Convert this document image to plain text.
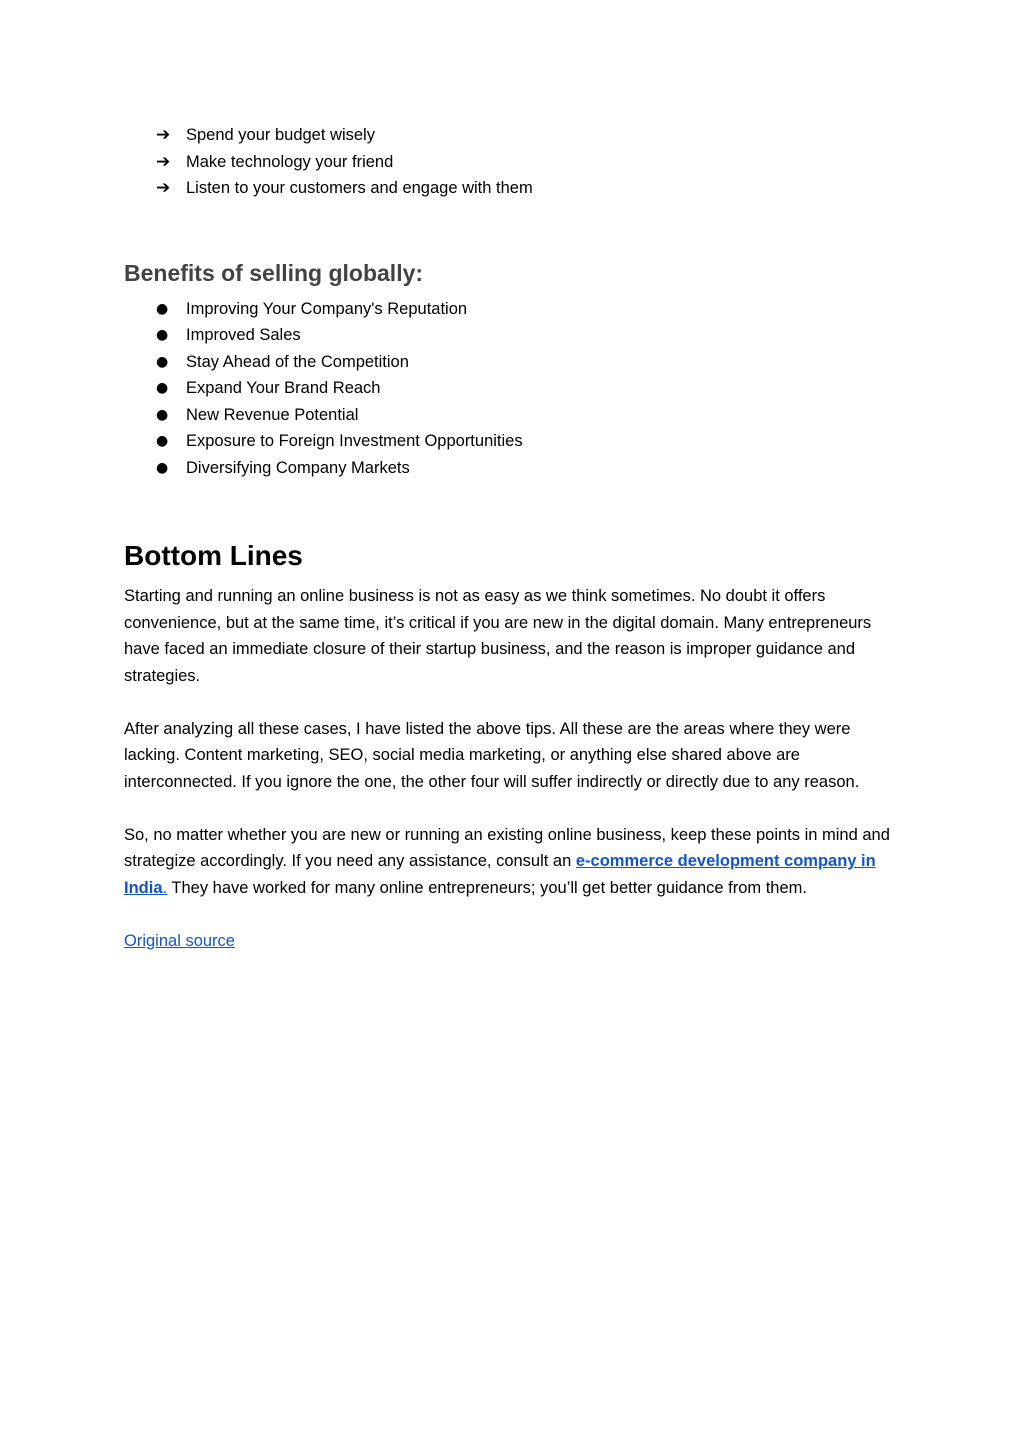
➔ Spend your budget wisely
➔ Make technology your friend
➔ Listen to your customers and engage with them
Benefits of selling globally:
●	Improving Your Company's Reputation
●	Improved Sales
●	Stay Ahead of the Competition
●	Expand Your Brand Reach
●	New Revenue Potential
●	Exposure to Foreign Investment Opportunities
●	Diversifying Company Markets
Bottom Lines

Starting and running an online business is not as easy as we think sometimes. No doubt it offers convenience, but at the same time, it’s critical if you are new in the digital domain. Many entrepreneurs have faced an immediate closure of their startup business, and the reason is improper guidance and strategies.

After analyzing all these cases, I have listed the above tips. All these are the areas where they were lacking. Content marketing, SEO, social media marketing, or anything else shared above are interconnected. If you ignore the one, the other four will suffer indirectly or directly due to any reason.

So, no matter whether you are new or running an existing online business, keep these points in mind and strategize accordingly. If you need any assistance, consult an e-commerce development company in India. They have worked for many online entrepreneurs; you’ll get better guidance from them.

Original source
